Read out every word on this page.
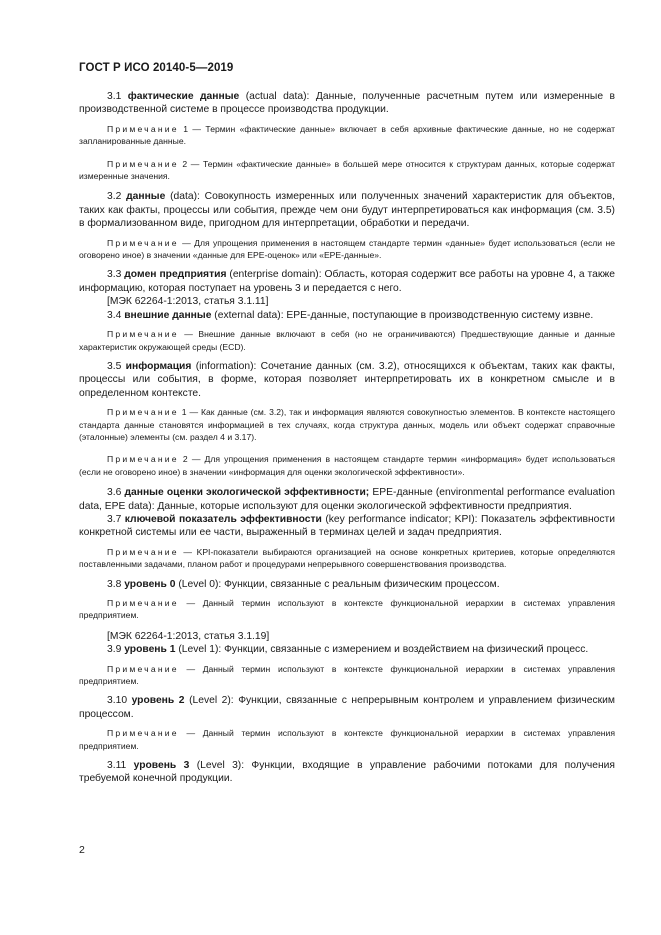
ГОСТ Р ИСО 20140-5—2019

3.1 фактические данные (actual data): Данные, полученные расчетным путем или измеренные в производственной системе в процессе производства продукции.

Примечание 1 — Термин «фактические данные» включает в себя архивные фактические данные, но не содержат запланированные данные.

Примечание 2 — Термин «фактические данные» в большей мере относится к структурам данных, которые содержат измеренные значения.

3.2 данные (data): Совокупность измеренных или полученных значений характеристик для объектов, таких как факты, процессы или события, прежде чем они будут интерпретироваться как информация (см. 3.5) в формализованном виде, пригодном для интерпретации, обработки и передачи.

Примечание — Для упрощения применения в настоящем стандарте термин «данные» будет использоваться (если не оговорено иное) в значении «данные для ЕРЕ-оценок» или «ЕРЕ-данные».

3.3 домен предприятия (enterprise domain): Область, которая содержит все работы на уровне 4, а также информацию, которая поступает на уровень 3 и передается с него.

[МЭК 62264-1:2013, статья 3.1.11]

3.4 внешние данные (external data): ЕРЕ-данные, поступающие в производственную систему извне.

Примечание — Внешние данные включают в себя (но не ограничиваются) Предшествующие данные и данные характеристик окружающей среды (ECD).

3.5 информация (information): Сочетание данных (см. 3.2), относящихся к объектам, таких как факты, процессы или события, в форме, которая позволяет интерпретировать их в конкретном смысле и в определенном контексте.

Примечание 1 — Как данные (см. 3.2), так и информация являются совокупностью элементов. В контексте настоящего стандарта данные становятся информацией в тех случаях, когда структура данных, модель или объект содержат справочные (эталонные) элементы (см. раздел 4 и 3.17).

Примечание 2 — Для упрощения применения в настоящем стандарте термин «информация» будет использоваться (если не оговорено иное) в значении «информация для оценки экологической эффективности».

3.6 данные оценки экологической эффективности; ЕРЕ-данные (environmental performance evaluation data, EPE data): Данные, которые используют для оценки экологической эффективности предприятия.

3.7 ключевой показатель эффективности (key performance indicator; KPI): Показатель эффективности конкретной системы или ее части, выраженный в терминах целей и задач предприятия.

Примечание — KPI-показатели выбираются организацией на основе конкретных критериев, которые определяются поставленными задачами, планом работ и процедурами непрерывного совершенствования производства.

3.8 уровень 0 (Level 0): Функции, связанные с реальным физическим процессом.

Примечание — Данный термин используют в контексте функциональной иерархии в системах управления предприятием.

[МЭК 62264-1:2013, статья 3.1.19]

3.9 уровень 1 (Level 1): Функции, связанные с измерением и воздействием на физический процесс.

Примечание — Данный термин используют в контексте функциональной иерархии в системах управления предприятием.

3.10 уровень 2 (Level 2): Функции, связанные с непрерывным контролем и управлением физическим процессом.

Примечание — Данный термин используют в контексте функциональной иерархии в системах управления предприятием.

3.11 уровень 3 (Level 3): Функции, входящие в управление рабочими потоками для получения требуемой конечной продукции.

2
